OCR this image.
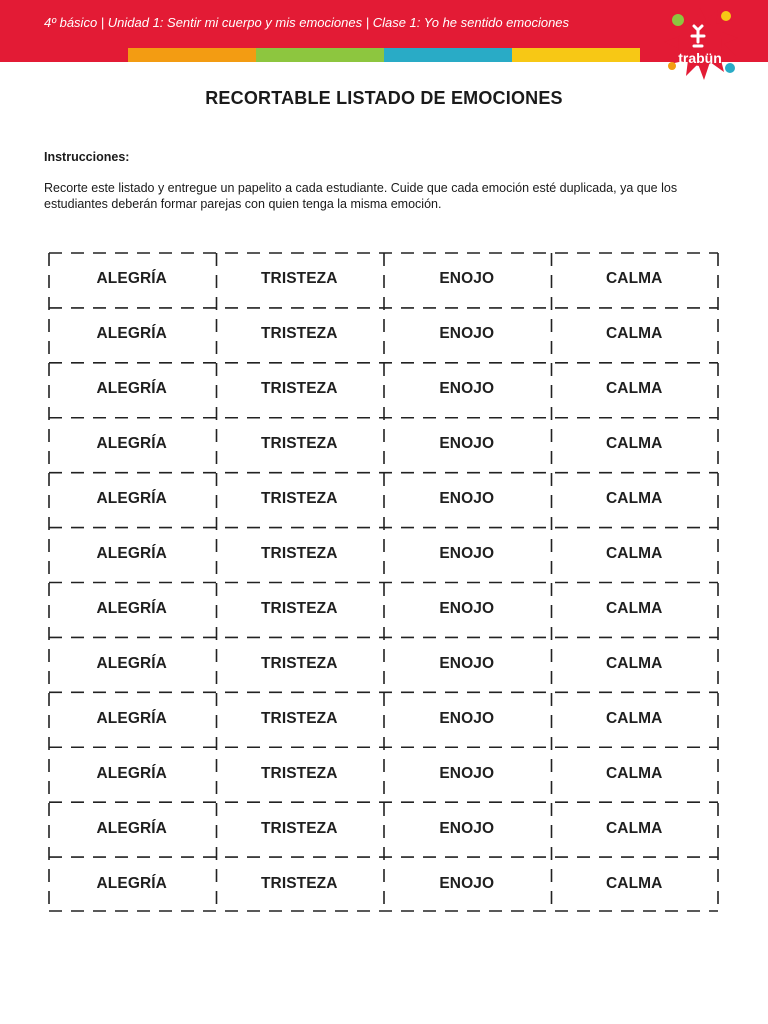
4º básico | Unidad 1: Sentir mi cuerpo y mis emociones | Clase 1: Yo he sentido emociones
trabün
RECORTABLE LISTADO DE EMOCIONES
Instrucciones:
Recorte este listado y entregue un papelito a cada estudiante. Cuide que cada emoción esté duplicada, ya que los estudiantes deberán formar parejas con quien tenga la misma emoción.
ALEGRÍA	TRISTEZA	ENOJO	CALMA
ALEGRÍA	TRISTEZA	ENOJO	CALMA
ALEGRÍA	TRISTEZA	ENOJO	CALMA
ALEGRÍA	TRISTEZA	ENOJO	CALMA
ALEGRÍA	TRISTEZA	ENOJO	CALMA
ALEGRÍA	TRISTEZA	ENOJO	CALMA
ALEGRÍA	TRISTEZA	ENOJO	CALMA
ALEGRÍA	TRISTEZA	ENOJO	CALMA
ALEGRÍA	TRISTEZA	ENOJO	CALMA
ALEGRÍA	TRISTEZA	ENOJO	CALMA
ALEGRÍA	TRISTEZA	ENOJO	CALMA
ALEGRÍA	TRISTEZA	ENOJO	CALMA
